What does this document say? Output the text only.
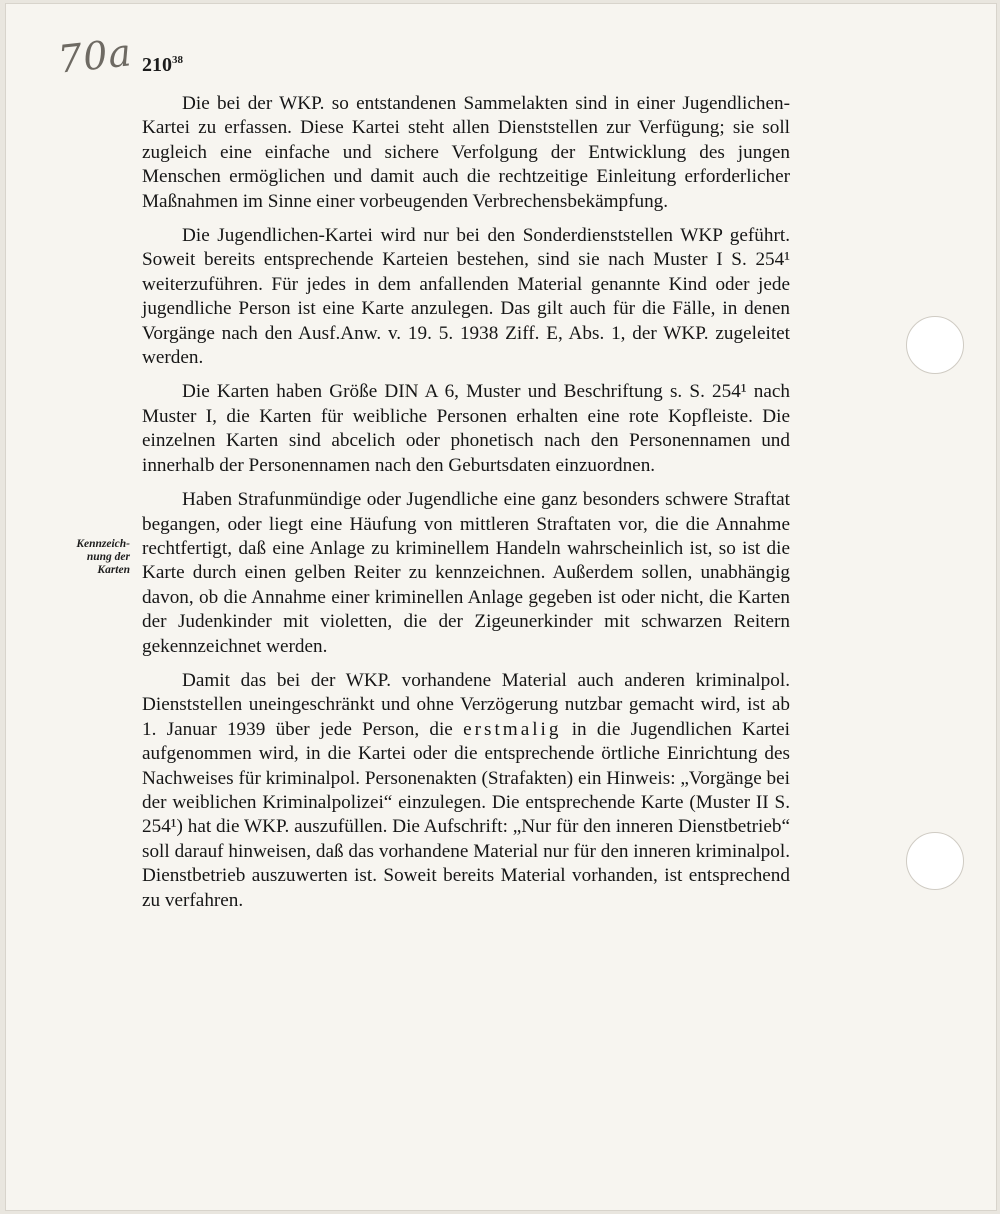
70a $210^{38}$
Kennzeich-
nung der
Karten

Die bei der WKP. so entstandenen Sammelakten sind in einer Jugendlichen-Kartei zu erfassen. Diese Kartei steht allen Dienststellen zur Verfügung; sie soll zugleich eine einfache und sichere Verfolgung der Entwicklung des jungen Menschen ermöglichen und damit auch die rechtzeitige Einleitung erforderlicher Maßnahmen im Sinne einer vorbeugenden Verbrechensbekämpfung.

Die Jugendlichen-Kartei wird nur bei den Sonderdienststellen WKP geführt. Soweit bereits entsprechende Karteien bestehen, sind sie nach Muster I S. 254¹ weiterzuführen. Für jedes in dem anfallenden Material genannte Kind oder jede jugendliche Person ist eine Karte anzulegen. Das gilt auch für die Fälle, in denen Vorgänge nach den Ausf.Anw. v. 19. 5. 1938 Ziff. E, Abs. 1, der WKP. zugeleitet werden.

Die Karten haben Größe DIN A 6, Muster und Beschriftung s. S. 254¹ nach Muster I, die Karten für weibliche Personen erhalten eine rote Kopfleiste. Die einzelnen Karten sind abcelich oder phonetisch nach den Personennamen und innerhalb der Personennamen nach den Geburtsdaten einzuordnen.

Haben Strafunmündige oder Jugendliche eine ganz besonders schwere Straftat begangen, oder liegt eine Häufung von mittleren Straftaten vor, die die Annahme rechtfertigt, daß eine Anlage zu kriminellem Handeln wahrscheinlich ist, so ist die Karte durch einen gelben Reiter zu kennzeichnen. Außerdem sollen, unabhängig davon, ob die Annahme einer kriminellen Anlage gegeben ist oder nicht, die Karten der Judenkinder mit violetten, die der Zigeunerkinder mit schwarzen Reitern gekennzeichnet werden.

Damit das bei der WKP. vorhandene Material auch anderen kriminalpol. Dienststellen uneingeschränkt und ohne Verzögerung nutzbar gemacht wird, ist ab 1. Januar 1939 über jede Person, die erstmalig in die Jugendlichen Kartei aufgenommen wird, in die Kartei oder die entsprechende örtliche Einrichtung des Nachweises für kriminalpol. Personenakten (Strafakten) ein Hinweis: „Vorgänge bei der weiblichen Kriminalpolizei“ einzulegen. Die entsprechende Karte (Muster II S. 254¹) hat die WKP. auszufüllen. Die Aufschrift: „Nur für den inneren Dienstbetrieb“ soll darauf hinweisen, daß das vorhandene Material nur für den inneren kriminalpol. Dienstbetrieb auszuwerten ist. Soweit bereits Material vorhanden, ist entsprechend zu verfahren.
